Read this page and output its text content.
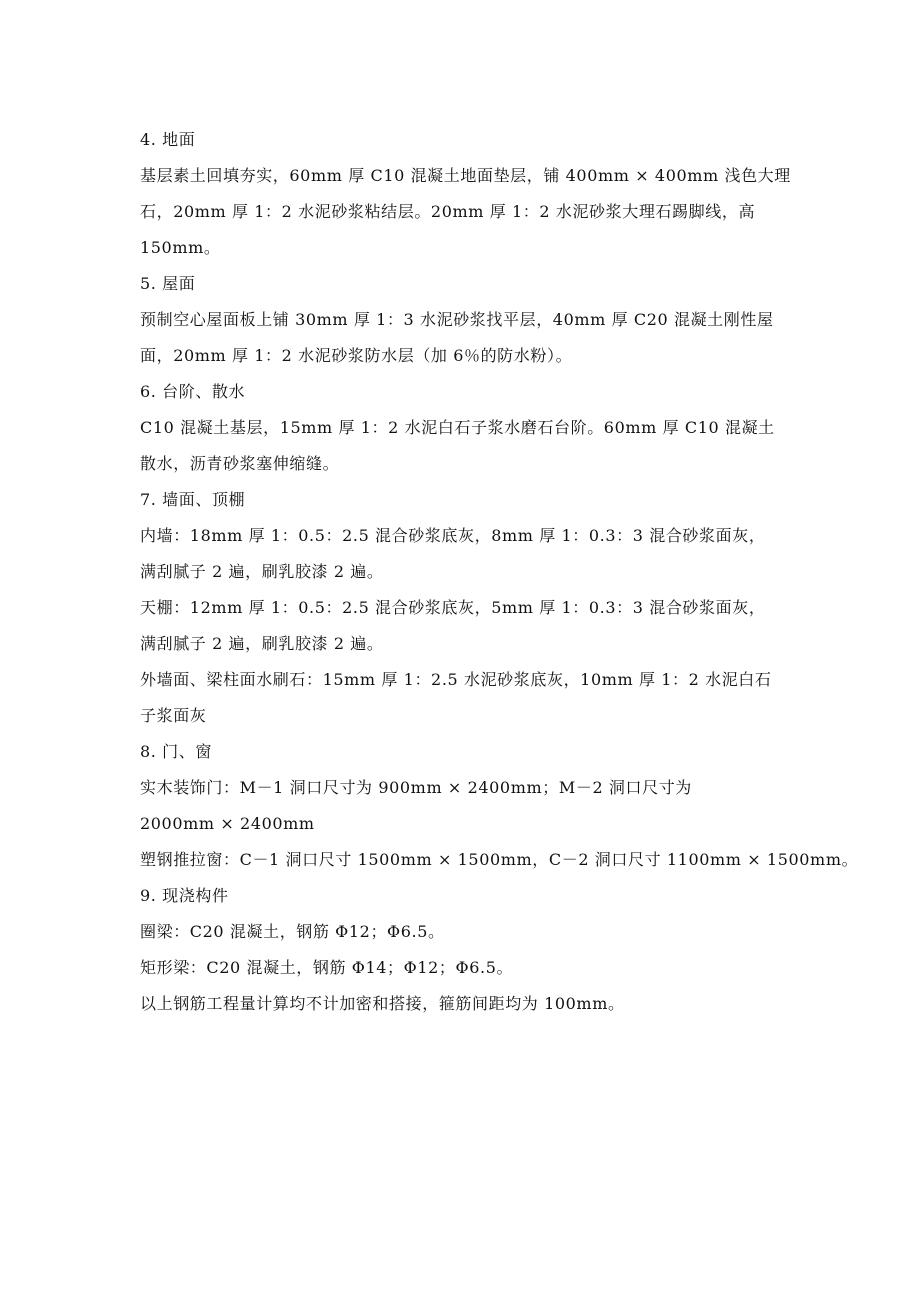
4. 地面
基层素土回填夯实，60mm 厚 C10 混凝土地面垫层，铺 400mm × 400mm 浅色大理
石，20mm 厚 1：2 水泥砂浆粘结层。20mm 厚 1：2 水泥砂浆大理石踢脚线，高
150mm。
5. 屋面
预制空心屋面板上铺 30mm 厚 1：3 水泥砂浆找平层，40mm 厚 C20 混凝土刚性屋
面，20mm 厚 1：2 水泥砂浆防水层（加 6％的防水粉）。
6. 台阶、散水
C10 混凝土基层，15mm 厚 1：2 水泥白石子浆水磨石台阶。60mm 厚 C10 混凝土
散水，沥青砂浆塞伸缩缝。
7. 墙面、顶棚
内墙：18mm 厚 1：0.5：2.5 混合砂浆底灰，8mm 厚 1：0.3：3 混合砂浆面灰，
满刮腻子 2 遍，刷乳胶漆 2 遍。
天棚：12mm 厚 1：0.5：2.5 混合砂浆底灰，5mm 厚 1：0.3：3 混合砂浆面灰，
满刮腻子 2 遍，刷乳胶漆 2 遍。
外墙面、梁柱面水刷石：15mm 厚 1：2.5 水泥砂浆底灰，10mm 厚 1：2 水泥白石
子浆面灰
8. 门、窗
实木装饰门：M－1 洞口尺寸为 900mm × 2400mm；M－2 洞口尺寸为
2000mm × 2400mm
塑钢推拉窗：C－1 洞口尺寸 1500mm × 1500mm，C－2 洞口尺寸 1100mm × 1500mm。
9. 现浇构件
圈梁：C20 混凝土，钢筋 Φ12；Φ6.5。
矩形梁：C20 混凝土，钢筋 Φ14；Φ12；Φ6.5。
以上钢筋工程量计算均不计加密和搭接，箍筋间距均为 100mm。
